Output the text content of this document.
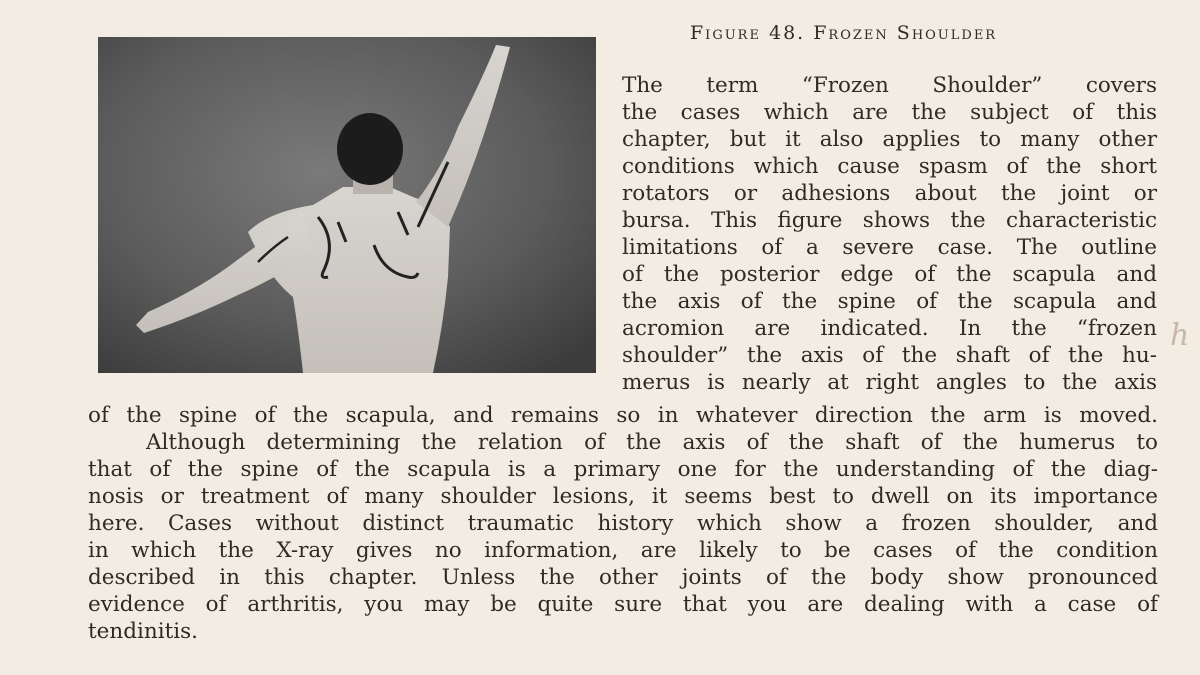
Figure 48. Frozen Shoulder
The term “Frozen Shoulder” covers
the cases which are the subject of this
chapter, but it also applies to many other
conditions which cause spasm of the short
rotators or adhesions about the joint or
bursa. This figure shows the characteristic
limitations of a severe case. The outline
of the posterior edge of the scapula and
the axis of the spine of the scapula and
acromion are indicated. In the “frozen
shoulder” the axis of the shaft of the hu-
merus is nearly at right angles to the axis
of the spine of the scapula, and remains so in whatever direction the arm is moved.
Although determining the relation of the axis of the shaft of the humerus to
that of the spine of the scapula is a primary one for the understanding of the diag-
nosis or treatment of many shoulder lesions, it seems best to dwell on its importance
here. Cases without distinct traumatic history which show a frozen shoulder, and
in which the X-ray gives no information, are likely to be cases of the condition
described in this chapter. Unless the other joints of the body show pronounced
evidence of arthritis, you may be quite sure that you are dealing with a case of
tendinitis.
h
